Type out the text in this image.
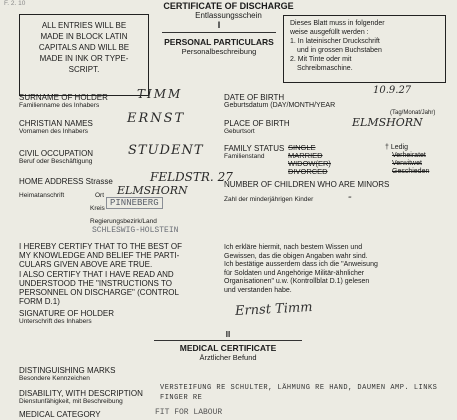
F. 2. 10	CERTIFICATE OF DISCHARGE
Entlassungsschein
ALL ENTRIES WILL BE
MADE IN BLOCK LATIN
CAPITALS AND WILL BE
MADE IN INK OR TYPE-
SCRIPT.
I
PERSONAL PARTICULARS
Personalbeschreibung
Dieses Blatt muss in folgender
weise ausgefüllt werden :
1. In lateinischer Druckschrift
und in grossen Buchstaben
2. Mit Tinte oder mit
Schreibmaschine.
SURNAME OF HOLDER
Familienname des Inhabers
TIMM
CHRISTIAN NAMES
Vornamen des Inhabers
ERNST
CIVIL OCCUPATION
Beruf oder Beschäftigung
STUDENT
HOME ADDRESS Strasse	FELDSTR. 27
Heimatanschrift	Ort ELMSHORN
Kreis
PINNEBERG
Regierungsbezirk/Land
SCHLESWIG-HOLSTEIN
DATE OF BIRTH
10.9.27
Geburtsdatum (DAY/MONTH/YEAR
(Tag/Monat/Jahr)
PLACE OF BIRTH
Geburtsort
ELMSHORN
FAMILY STATUS
Familienstand
SINGLE
MARRIED
WIDOW(ER)
DIVORCED
† Ledig
Verheiratet
Verwitwet
Geschieden
NUMBER OF CHILDREN WHO ARE MINORS
Zahl der minderjährigen Kinder	-
I HEREBY CERTIFY THAT TO THE BEST OF
MY KNOWLEDGE AND BELIEF THE PARTI-
CULARS GIVEN ABOVE ARE TRUE.
I ALSO CERTIFY THAT I HAVE READ AND
UNDERSTOOD THE "INSTRUCTIONS TO
PERSONNEL ON DISCHARGE" (CONTROL
FORM D.1)
Ich erkläre hiermit, nach bestem Wissen und
Gewissen, das die obigen Angaben wahr sind.
Ich bestätige ausserdem dass ich die "Anweisung
für Soldaten und Angehörige Militär-ähnlicher
Organisationen" u.w. (Kontrollblat D.1) gelesen
und verstanden habe.
SIGNATURE OF HOLDER
Unterschrift des Inhabers
Ernst Timm
II
MEDICAL CERTIFICATE
Ärztlicher Befund
DISTINGUISHING MARKS
Besondere Kennzeichen
DISABILITY, WITH DESCRIPTION
Dienstunfähigkeit, mit Beschreibung
VERSTEIFUNG RE SCHULTER, LÄHMUNG RE HAND, DAUMEN AMP. LINKS FINGER RE
MEDICAL CATEGORY	FIT FOR LABOUR
